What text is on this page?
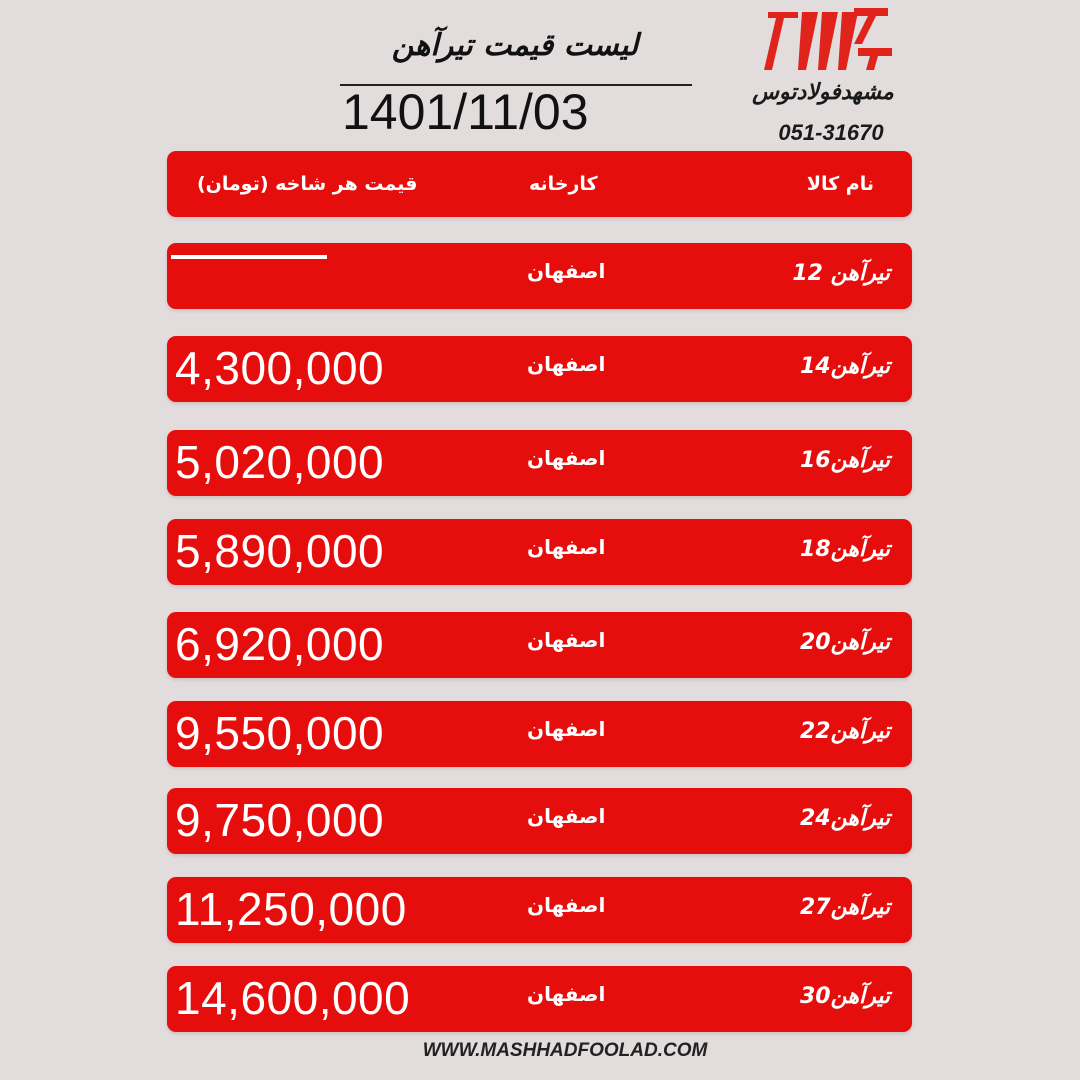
لیست قیمت تیرآهن
1401/11/03	مشهدفولادتوس
051-31670
نام کالا
کارخانه
قیمت هر شاخه (تومان)
تیرآهن 12
اصفهان
تیرآهن14
اصفهان
4,300,000
تیرآهن16
اصفهان
5,020,000
تیرآهن18
اصفهان
5,890,000
تیرآهن20
اصفهان
6,920,000
تیرآهن22
اصفهان
9,550,000
تیرآهن24
اصفهان
9,750,000
تیرآهن27
اصفهان
11,250,000
تیرآهن30
اصفهان
14,600,000
WWW.MASHHADFOOLAD.COM
